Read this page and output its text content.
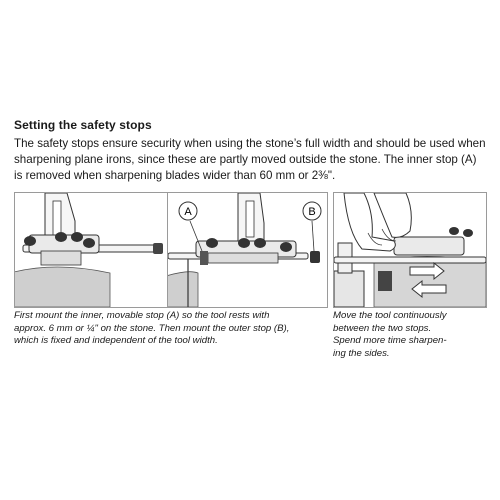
Setting the safety stops
The safety stops ensure security when using the stone’s full width and should be used when
sharpening plane irons, since these are partly moved outside the stone. The inner stop (A)
is removed when sharpening blades wider than 60 mm or 2⅜".
A	B
First mount the inner, movable stop (A) so the tool rests with
approx. 6 mm or ¼" on the stone. Then mount the outer stop (B),
which is fixed and independent of the tool width.
Move the tool continuously
between the two stops.
Spend more time sharpen-
ing the sides.
